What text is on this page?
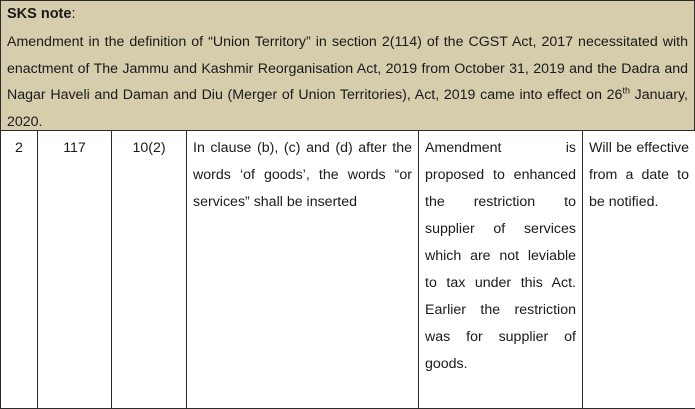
SKS note:
Amendment in the definition of “Union Territory” in section 2(114) of the CGST Act, 2017 necessitated with enactment of The Jammu and Kashmir Reorganisation Act, 2019 from October 31, 2019 and the Dadra and Nagar Haveli and Daman and Diu (Merger of Union Territories), Act, 2019 came into effect on 26th January, 2020.
2	117	10(2)	In clause (b), (c) and (d) after the words ‘of goods’, the words “or services” shall be inserted	Amendment is proposed to enhanced the restriction to supplier of services which are not leviable to tax under this Act. Earlier the restriction was for supplier of goods.	Will be effective from a date to be notified.
